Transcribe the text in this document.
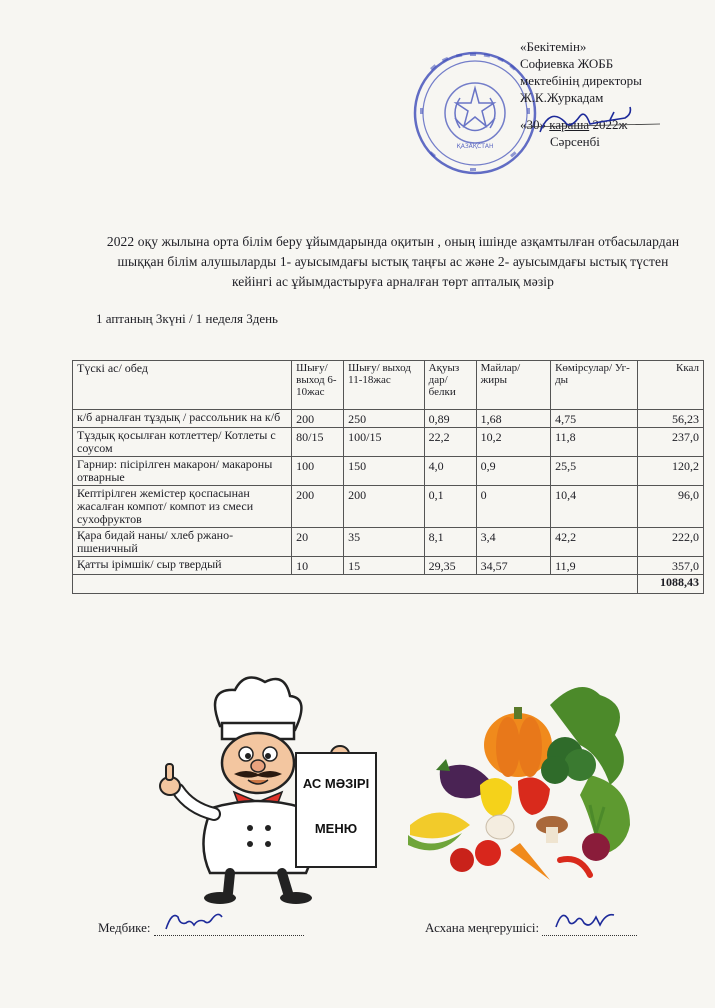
ҚАЗАҚСТАН
«Бекітемін»
Софиевка ЖОББ
мектебінің директоры
Ж.К.Журкадам
«30» караша 2022ж
Сәрсенбі
2022 оқу жылына орта білім беру ұйымдарында оқитын , оның ішінде азқамтылған отбасылардан шыққан білім алушыларды 1- ауысымдағы ыстық таңғы ас және 2- ауысымдағы ыстық түстен кейінгі ас ұйымдастыруға арналған төрт апталық мәзір
1 аптаның 3күні / 1 неделя 3день
Түскі ас/ обед	Шығу/ выход 6-10жас	Шығу/ выход 11-18жас	Ақуыз дар/ белки	Майлар/ жиры	Көмірсулар/ Уг-ды	Ккал
к/б арналған тұздық / рассольник на к/б	200	250	0,89	1,68	4,75	56,23
Тұздық қосылған котлеттер/ Котлеты с соусом	80/15	100/15	22,2	10,2	11,8	237,0
Гарнир: пісірілген макарон/ макароны отварные	100	150	4,0	0,9	25,5	120,2
Кептірілген жемістер қоспасынан жасалған компот/ компот из смеси сухофруктов	200	200	0,1	0	10,4	96,0
Қара бидай наны/ хлеб ржано- пшеничный	20	35	8,1	3,4	42,2	222,0
Қатты ірімшік/ сыр твердый	10	15	29,35	34,57	11,9	357,0
						1088,43
АС МӘЗІРІ
МЕНЮ
Медбике:	Асхана меңгерушісі:
